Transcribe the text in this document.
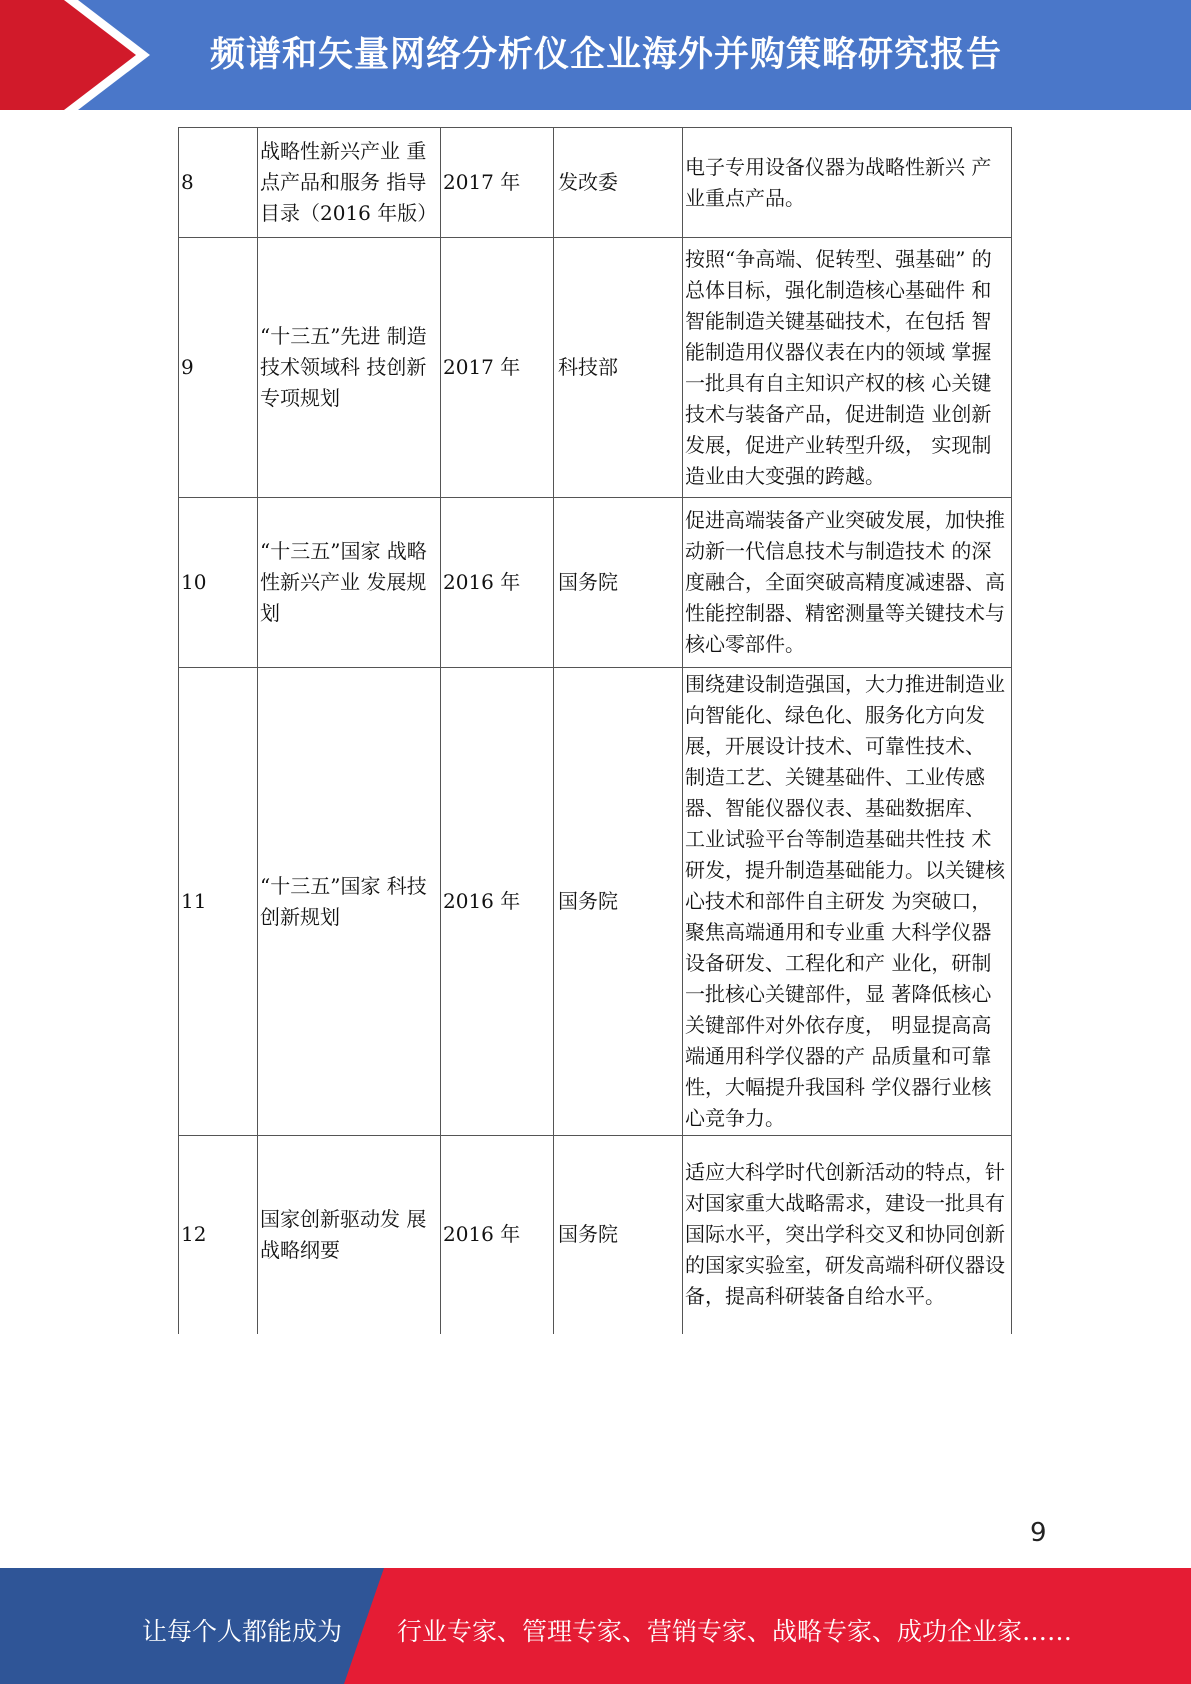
频谱和矢量网络分析仪企业海外并购策略研究报告
8	战略性新兴产业 重点产品和服务 指导目录（2016 年版）	2017 年	发改委	电子专用设备仪器为战略性新兴 产业重点产品。
9	“十三五”先进 制造技术领域科 技创新专项规划	2017 年	科技部	按照“争高端、促转型、强基础” 的总体目标，强化制造核心基础件 和智能制造关键基础技术，在包括 智能制造用仪器仪表在内的领域 掌握一批具有自主知识产权的核 心关键技术与装备产品，促进制造 业创新发展，促进产业转型升级， 实现制造业由大变强的跨越。
10	“十三五”国家 战略性新兴产业 发展规划	2016 年	国务院	促进高端装备产业突破发展，加快推动新一代信息技术与制造技术 的深度融合，全面突破高精度减速器、高性能控制器、精密测量等关键技术与核心零部件。
11	“十三五”国家 科技创新规划	2016 年	国务院	围绕建设制造强国，大力推进制造业向智能化、绿色化、服务化方向发展，开展设计技术、可靠性技术、 制造工艺、关键基础件、工业传感 器、智能仪器仪表、基础数据库、 工业试验平台等制造基础共性技 术研发，提升制造基础能力。以关键核心技术和部件自主研发 为突破口，聚焦高端通用和专业重 大科学仪器设备研发、工程化和产 业化，研制一批核心关键部件，显 著降低核心关键部件对外依存度， 明显提高高端通用科学仪器的产 品质量和可靠性，大幅提升我国科 学仪器行业核心竞争力。
12	国家创新驱动发 展战略纲要	2016 年	国务院	适应大科学时代创新活动的特点，针对国家重大战略需求，建设一批具有国际水平，突出学科交叉和协同创新的国家实验室，研发高端科研仪器设备，提高科研装备自给水平。
9
让每个人都能成为 行业专家、管理专家、营销专家、战略专家、成功企业家……
